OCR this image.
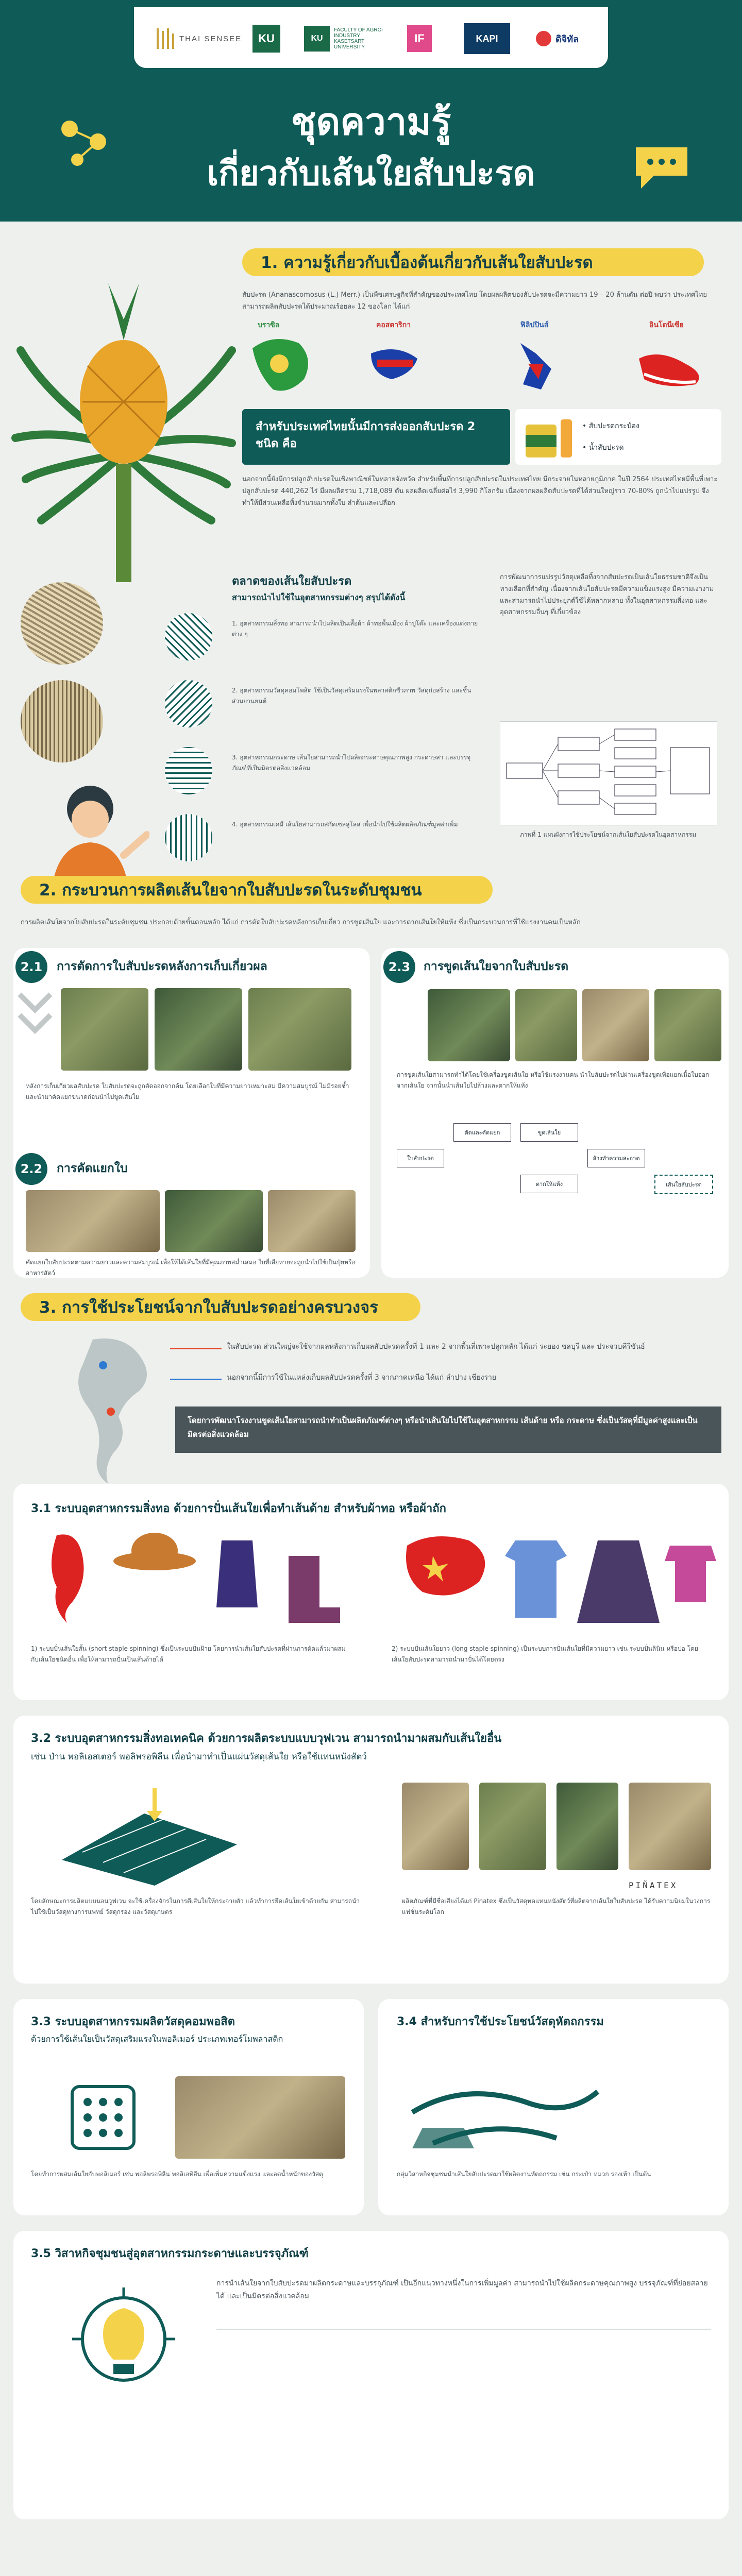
THAI SENSEE	KU	KU
FACULTY OF AGRO-INDUSTRY KASETSART UNIVERSITY
IF	KAPI	ดิจิทัล
ชุดความรู้
เกี่ยวกับเส้นใยสับปะรด
1. ความรู้เกี่ยวกับเบื้องต้นเกี่ยวกับเส้นใยสับปะรด
สับปะรด (Ananascomosus (L.) Merr.) เป็นพืชเศรษฐกิจที่สำคัญของประเทศไทย โดยผลผลิตของสับปะรดจะมีความยาว 19 – 20 ล้านตัน ต่อปี พบว่า ประเทศไทยสามารถผลิตสับปะรดได้ประมาณร้อยละ 12 ของโลก ได้แก่
บราซิล	คอสตาริกา	ฟิลิปปินส์	อินโดนีเซีย
สำหรับประเทศไทยนั้นมีการส่งออกสับปะรด 2 ชนิด คือ
• สับปะรดกระป๋อง
• น้ำสับปะรด
นอกจากนี้ยังมีการปลูกสับปะรดในเชิงพาณิชย์ในหลายจังหวัด สำหรับพื้นที่การปลูกสับปะรดในประเทศไทย มีกระจายในหลายภูมิภาค ในปี 2564 ประเทศไทยมีพื้นที่เพาะปลูกสับปะรด 440,262 ไร่ มีผลผลิตรวม 1,718,089 ตัน ผลผลิตเฉลี่ยต่อไร่ 3,990 กิโลกรัม เนื่องจากผลผลิตสับปะรดที่ได้ส่วนใหญ่ราว 70-80% ถูกนำไปแปรรูป จึงทำให้มีส่วนเหลือทิ้งจำนวนมากทั้งใบ ลำต้นและเปลือก
ตลาดของเส้นใยสับปะรด
สามารถนำไปใช้ในอุตสาหกรรมต่างๆ สรุปได้ดังนี้
1. อุตสาหกรรมสิ่งทอ สามารถนำไปผลิตเป็นเสื้อผ้า ผ้าทอพื้นเมือง ผ้าปูโต๊ะ และเครื่องแต่งกายต่าง ๆ
2. อุตสาหกรรมวัสดุคอมโพสิต ใช้เป็นวัสดุเสริมแรงในพลาสติกชีวภาพ วัสดุก่อสร้าง และชิ้นส่วนยานยนต์
3. อุตสาหกรรมกระดาษ เส้นใยสามารถนำไปผลิตกระดาษคุณภาพสูง กระดาษสา และบรรจุภัณฑ์ที่เป็นมิตรต่อสิ่งแวดล้อม
4. อุตสาหกรรมเคมี เส้นใยสามารถสกัดเซลลูโลส เพื่อนำไปใช้ผลิตผลิตภัณฑ์มูลค่าเพิ่ม
การพัฒนาการแปรรูปวัสดุเหลือทิ้งจากสับปะรดเป็นเส้นใยธรรมชาติจึงเป็นทางเลือกที่สำคัญ เนื่องจากเส้นใยสับปะรดมีความแข็งแรงสูง มีความเงางาม และสามารถนำไปประยุกต์ใช้ได้หลากหลาย ทั้งในอุตสาหกรรมสิ่งทอ และอุตสาหกรรมอื่นๆ ที่เกี่ยวข้อง
ภาพที่ 1 แผนผังการใช้ประโยชน์จากเส้นใยสับปะรดในอุตสาหกรรม
2. กระบวนการผลิตเส้นใยจากใบสับปะรดในระดับชุมชน
การผลิตเส้นใยจากใบสับปะรดในระดับชุมชน ประกอบด้วยขั้นตอนหลัก ได้แก่ การตัดใบสับปะรดหลังการเก็บเกี่ยว การขูดเส้นใย และการตากเส้นใยให้แห้ง ซึ่งเป็นกระบวนการที่ใช้แรงงานคนเป็นหลัก
2.1	การตัดการใบสับปะรดหลังการเก็บเกี่ยวผล
หลังการเก็บเกี่ยวผลสับปะรด ใบสับปะรดจะถูกตัดออกจากต้น โดยเลือกใบที่มีความยาวเหมาะสม มีความสมบูรณ์ ไม่มีรอยช้ำ และนำมาคัดแยกขนาดก่อนนำไปขูดเส้นใย
2.2	การคัดแยกใบ
คัดแยกใบสับปะรดตามความยาวและความสมบูรณ์ เพื่อให้ได้เส้นใยที่มีคุณภาพสม่ำเสมอ ใบที่เสียหายจะถูกนำไปใช้เป็นปุ๋ยหรืออาหารสัตว์
2.3	การขูดเส้นใยจากใบสับปะรด
การขูดเส้นใยสามารถทำได้โดยใช้เครื่องขูดเส้นใย หรือใช้แรงงานคน นำใบสับปะรดไปผ่านเครื่องขูดเพื่อแยกเนื้อใบออกจากเส้นใย จากนั้นนำเส้นใยไปล้างและตากให้แห้ง
ใบสับปะรด
ตัดและคัดแยก	ขูดเส้นใย
ล้างทำความสะอาด
ตากให้แห้ง	เส้นใยสับปะรด
3. การใช้ประโยชน์จากใบสับปะรดอย่างครบวงจร
ในสับปะรด ส่วนใหญ่จะใช้จากผลหลังการเก็บผลสับปะรดครั้งที่ 1 และ 2 จากพื้นที่เพาะปลูกหลัก ได้แก่ ระยอง ชลบุรี และ ประจวบคีรีขันธ์
นอกจากนี้มีการใช้ในแหล่งเก็บผลสับปะรดครั้งที่ 3 จากภาคเหนือ ได้แก่ ลำปาง เชียงราย
โดยการพัฒนาโรงงานขูดเส้นใยสามารถนำทำเป็นผลิตภัณฑ์ต่างๆ หรือนำเส้นใยไปใช้ในอุตสาหกรรม เส้นด้าย หรือ กระดาษ ซึ่งเป็นวัสดุที่มีมูลค่าสูงและเป็นมิตรต่อสิ่งแวดล้อม
3.1 ระบบอุตสาหกรรมสิ่งทอ ด้วยการปั่นเส้นใยเพื่อทำเส้นด้าย สำหรับผ้าทอ หรือผ้าถัก
1) ระบบปั่นเส้นใยสั้น (short staple spinning) ซึ่งเป็นระบบปั่นฝ้าย โดยการนำเส้นใยสับปะรดที่ผ่านการตัดแล้วมาผสมกับเส้นใยชนิดอื่น เพื่อให้สามารถปั่นเป็นเส้นด้ายได้
2) ระบบปั่นเส้นใยยาว (long staple spinning) เป็นระบบการปั่นเส้นใยที่มีความยาว เช่น ระบบปั่นลินิน หรือปอ โดยเส้นใยสับปะรดสามารถนำมาปั่นได้โดยตรง
3.2 ระบบอุตสาหกรรมสิ่งทอเทคนิค ด้วยการผลิตระบบแบบวุฟเวน สามารถนำมาผสมกับเส้นใยอื่น
เช่น ป่าน พอลิเอสเตอร์ พอลิพรอพิลีน เพื่อนำมาทำเป็นแผ่นวัสดุเส้นใย หรือใช้แทนหนังสัตว์
โดยลักษณะการผลิตแบบนอนวูฟเวน จะใช้เครื่องจักรในการตีเส้นใยให้กระจายตัว แล้วทำการยึดเส้นใยเข้าด้วยกัน สามารถนำไปใช้เป็นวัสดุทางการแพทย์ วัสดุกรอง และวัสดุเกษตร
PIÑATEX
ผลิตภัณฑ์ที่มีชื่อเสียงได้แก่ Pinatex ซึ่งเป็นวัสดุทดแทนหนังสัตว์ที่ผลิตจากเส้นใยใบสับปะรด ได้รับความนิยมในวงการแฟชั่นระดับโลก
3.3 ระบบอุตสาหกรรมผลิตวัสดุคอมพอสิต
ด้วยการใช้เส้นใยเป็นวัสดุเสริมแรงในพอลิเมอร์ ประเภทเทอร์โมพลาสติก
โดยทำการผสมเส้นใยกับพอลิเมอร์ เช่น พอลิพรอพิลีน พอลิเอทิลีน เพื่อเพิ่มความแข็งแรง และลดน้ำหนักของวัสดุ
3.4 สำหรับการใช้ประโยชน์วัสดุหัตถกรรม
กลุ่มวิสาหกิจชุมชนนำเส้นใยสับปะรดมาใช้ผลิตงานหัตถกรรม เช่น กระเป๋า หมวก รองเท้า เป็นต้น
3.5 วิสาหกิจชุมชนสู่อุตสาหกรรมกระดาษและบรรจุภัณฑ์
การนำเส้นใยจากใบสับปะรดมาผลิตกระดาษและบรรจุภัณฑ์ เป็นอีกแนวทางหนึ่งในการเพิ่มมูลค่า สามารถนำไปใช้ผลิตกระดาษคุณภาพสูง บรรจุภัณฑ์ที่ย่อยสลายได้ และเป็นมิตรต่อสิ่งแวดล้อม
